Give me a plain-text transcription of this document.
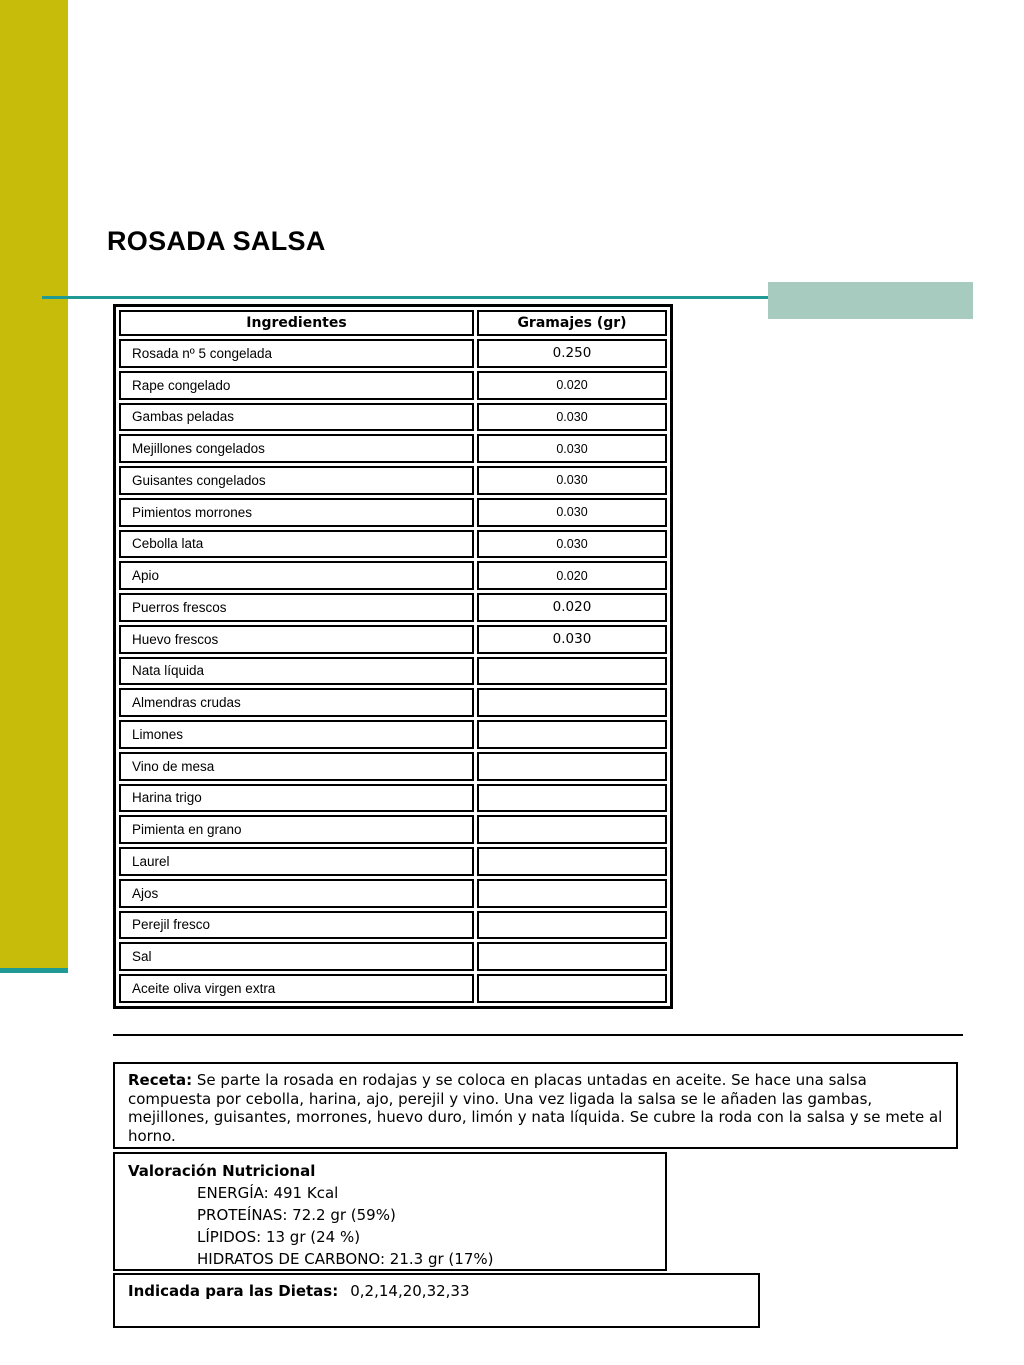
ROSADA SALSA
Ingredientes	Gramajes (gr)
Rosada nº 5 congelada	0.250
Rape congelado	0.020
Gambas peladas	0.030
Mejillones congelados	0.030
Guisantes congelados	0.030
Pimientos morrones	0.030
Cebolla lata	0.030
Apio	0.020
Puerros frescos	0.020
Huevo frescos	0.030
Nata líquida	
Almendras crudas	
Limones	
Vino de mesa	
Harina trigo	
Pimienta en grano	
Laurel	
Ajos	
Perejil fresco	
Sal	
Aceite oliva virgen extra	
Receta: Se parte la rosada en rodajas y se coloca en placas untadas en aceite. Se hace una salsa compuesta por cebolla, harina, ajo, perejil y vino. Una vez ligada la salsa se le añaden las gambas, mejillones, guisantes, morrones, huevo duro, limón y nata líquida. Se cubre la roda con la salsa y se mete al horno.
Valoración Nutricional
ENERGÍA: 491 Kcal
PROTEÍNAS: 72.2 gr (59%)
LÍPIDOS: 13 gr (24 %)
HIDRATOS DE CARBONO: 21.3 gr (17%)
Indicada para las Dietas: 0,2,14,20,32,33
